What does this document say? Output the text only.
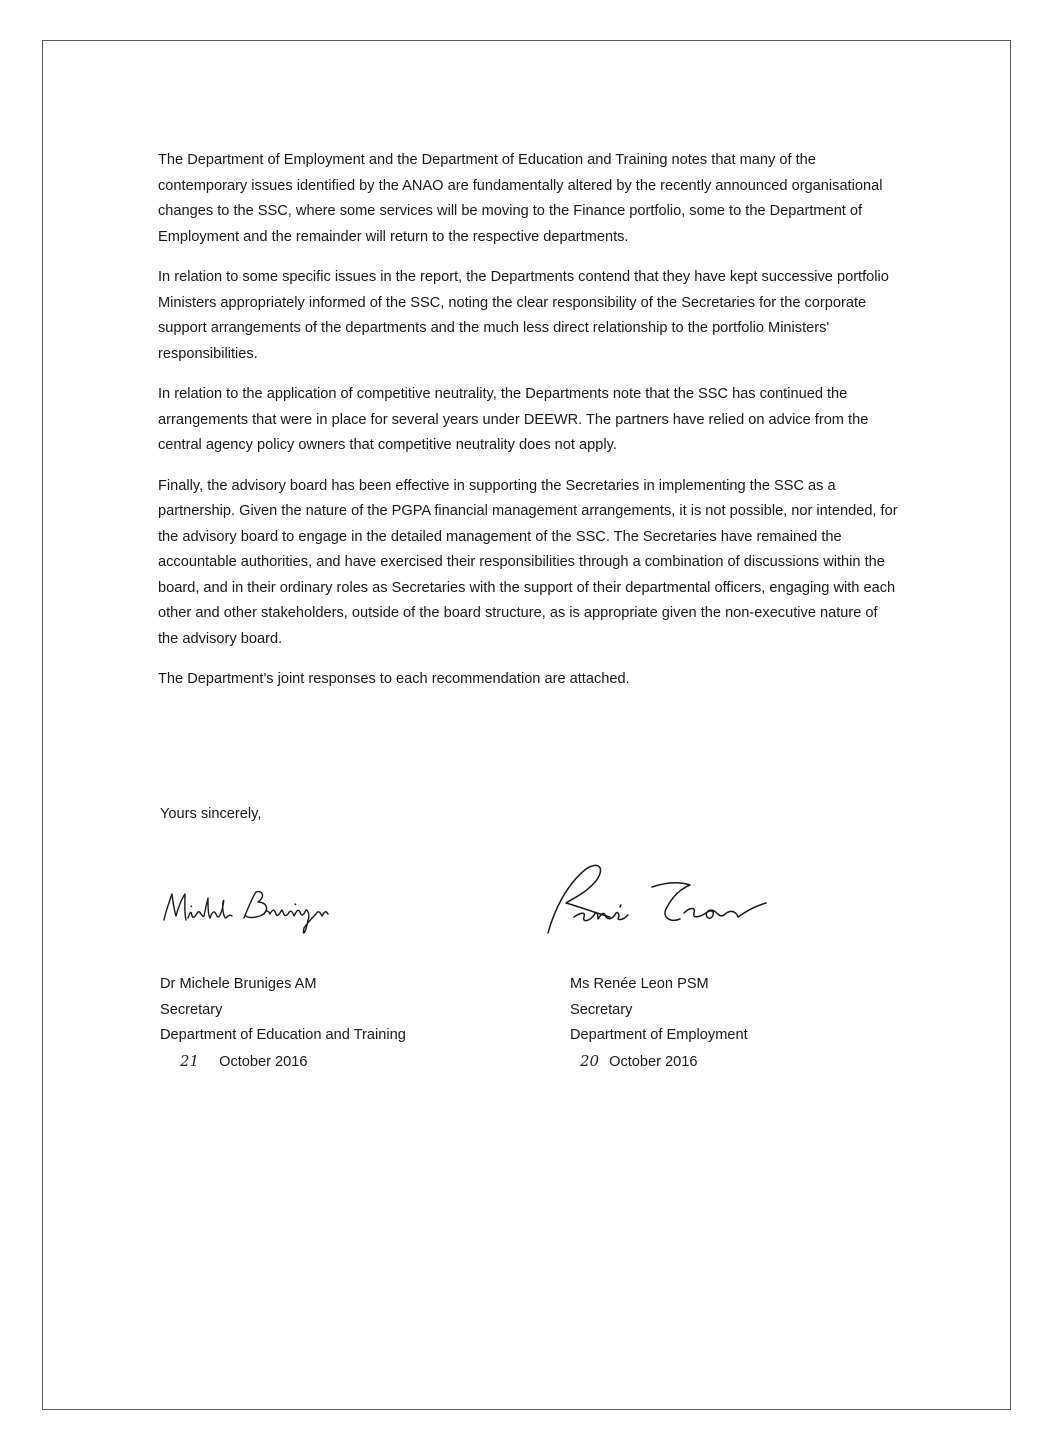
The Department of Employment and the Department of Education and Training notes that many of the contemporary issues identified by the ANAO are fundamentally altered by the recently announced organisational changes to the SSC, where some services will be moving to the Finance portfolio, some to the Department of Employment and the remainder will return to the respective departments.

In relation to some specific issues in the report, the Departments contend that they have kept successive portfolio Ministers appropriately informed of the SSC, noting the clear responsibility of the Secretaries for the corporate support arrangements of the departments and the much less direct relationship to the portfolio Ministers' responsibilities.

In relation to the application of competitive neutrality, the Departments note that the SSC has continued the arrangements that were in place for several years under DEEWR. The partners have relied on advice from the central agency policy owners that competitive neutrality does not apply.

Finally, the advisory board has been effective in supporting the Secretaries in implementing the SSC as a partnership. Given the nature of the PGPA financial management arrangements, it is not possible, nor intended, for the advisory board to engage in the detailed management of the SSC. The Secretaries have remained the accountable authorities, and have exercised their responsibilities through a combination of discussions within the board, and in their ordinary roles as Secretaries with the support of their departmental officers, engaging with each other and other stakeholders, outside of the board structure, as is appropriate given the non-executive nature of the advisory board.

The Department's joint responses to each recommendation are attached.

Yours sincerely,
Dr Michele Bruniges AM
Secretary
Department of Education and Training
21 October 2016
Ms Renée Leon PSM
Secretary
Department of Employment
20 October 2016
